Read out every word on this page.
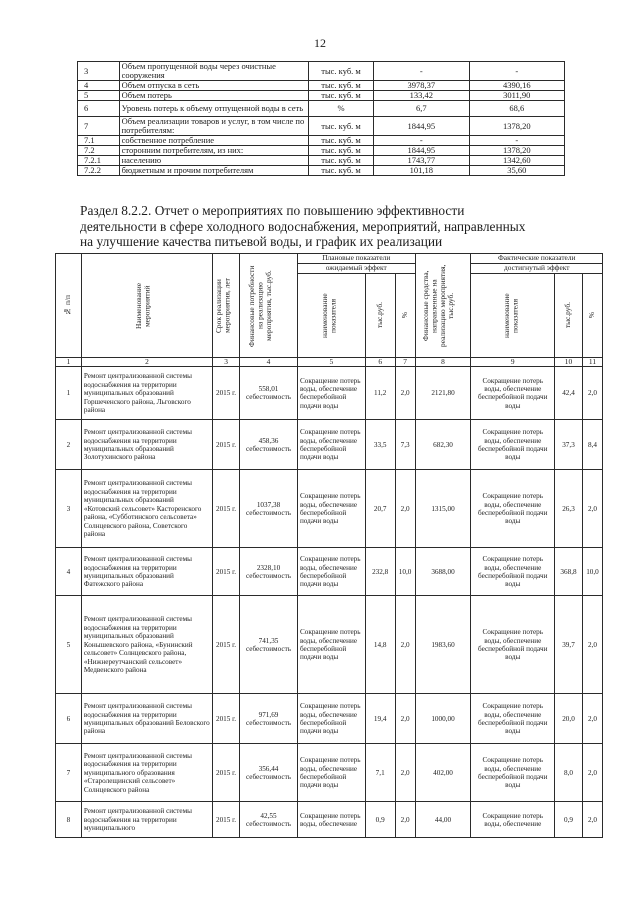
12
3	Объем пропущенной воды через очистные сооружения	тыс. куб. м	-	-
4	Объем отпуска в сеть	тыс. куб. м	3978,37	4390,16
5	Объем потерь	тыс. куб. м	133,42	3011,90
6	Уровень потерь к объему отпущенной воды в сеть	%	6,7	68,6
7	Объем реализации товаров и услуг, в том числе по потребителям:	тыс. куб. м	1844,95	1378,20
7.1	собственное потребление	тыс. куб. м	-	-
7.2	сторонним потребителям, из них:	тыс. куб. м	1844,95	1378,20
7.2.1	населению	тыс. куб. м	1743,77	1342,60
7.2.2	бюджетным и прочим потребителям	тыс. куб. м	101,18	35,60
Раздел 8.2.2. Отчет о мероприятиях по повышению эффективности
деятельности в сфере холодного водоснабжения, мероприятий, направленных
на улучшение качества питьевой воды, и график их реализации
№ п/п	Наименование мероприятий	Срок реализации мероприятия, лет	Финансовые потребности на реализацию мероприятия, тыс.руб.	Плановые показатели			Финансовые средства, направленные на реализацию мероприятия, тыс.руб.	Фактические показатели		
				ожидаемый эффект				достигнутый эффект		

				наименование показателя	тыс.руб.	%		наименование показателя	тыс.руб.	%

1	2	3	4	5	6	7	8	9	10	11
1	Ремонт централизованной системы водоснабжения на территории муниципальных образований Горшеченского района, Льговского района	2015 г.	558,01 себестоимость	Сокращение потерь воды, обеспечение бесперебойной подачи воды	11,2	2,0	2121,80	Сокращение потерь воды, обеспечение бесперебойной подачи воды	42,4	2,0
2	Ремонт централизованной системы водоснабжения на территории муниципальных образований Золотухинского района	2015 г.	458,36 себестоимость	Сокращение потерь воды, обеспечение бесперебойной подачи воды	33,5	7,3	682,30	Сокращение потерь воды, обеспечение бесперебойной подачи воды	37,3	8,4
3	Ремонт централизованной системы водоснабжения на территории муниципальных образований «Котовский сельсовет» Касторенского района, «Субботинского сельсовета» Солнцевского района, Советского района	2015 г.	1037,38 себестоимость	Сокращение потерь воды, обеспечение бесперебойной подачи воды	20,7	2,0	1315,00	Сокращение потерь воды, обеспечение бесперебойной подачи воды	26,3	2,0
4	Ремонт централизованной системы водоснабжения на территории муниципальных образований Фатежского района	2015 г.	2328,10 себестоимость	Сокращение потерь воды, обеспечение бесперебойной подачи воды	232,8	10,0	3688,00	Сокращение потерь воды, обеспечение бесперебойной подачи воды	368,8	10,0
5	Ремонт централизованной системы водоснабжения на территории муниципальных образований Конышевского района, «Бунинский сельсовет» Солнцевского района, «Нижнереутчанский сельсовет» Медвенского района	2015 г.	741,35 себестоимость	Сокращение потерь воды, обеспечение бесперебойной подачи воды	14,8	2,0	1983,60	Сокращение потерь воды, обеспечение бесперебойной подачи воды	39,7	2,0
6	Ремонт централизованной системы водоснабжения на территории муниципальных образований Беловского района	2015 г.	971,69 себестоимость	Сокращение потерь воды, обеспечение бесперебойной подачи воды	19,4	2,0	1000,00	Сокращение потерь воды, обеспечение бесперебойной подачи воды	20,0	2,0
7	Ремонт централизованной системы водоснабжения на территории муниципального образования «Старолещинский сельсовет» Солнцевского района	2015 г.	356,44 себестоимость	Сокращение потерь воды, обеспечение бесперебойной подачи воды	7,1	2,0	402,00	Сокращение потерь воды, обеспечение бесперебойной подачи воды	8,0	2,0
8	Ремонт централизованной системы водоснабжения на территории муниципального	2015 г.	42,55 себестоимость	Сокращение потерь воды, обеспечение	0,9	2,0	44,00	Сокращение потерь воды, обеспечение	0,9	2,0
